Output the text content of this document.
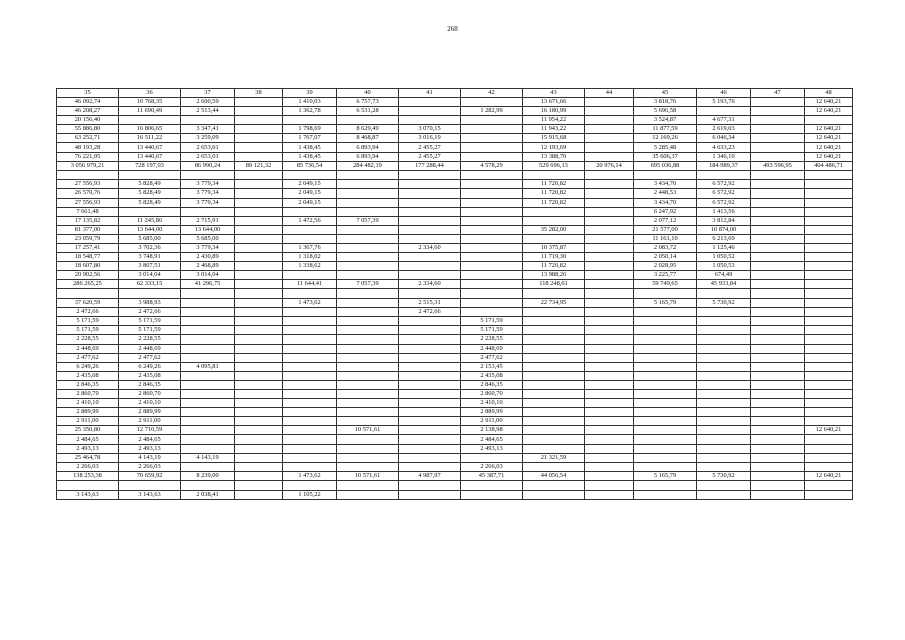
268
35	36	37	38	39	40	41	42	43	44	45	46	47	48
46 092,74	10 768,35	2 600,59		1 410,03	6 757,73			13 671,66		3 818,76	5 193,76		12 640,21
46 208,27	11 690,49	2 513,44		1 362,78	6 531,28		1 282,99	16 180,99		5 696,58			12 640,21
20 156,40								11 954,22		3 524,87	4 677,31		
55 886,80	16 806,65	3 347,41		1 798,69	8 629,49	3 070,15		11 943,22		11 877,59	2 619,03		12 640,21
63 252,71	16 511,22	3 259,09		1 767,07	8 468,87	3 016,19		15 915,68		12 169,26	6 046,34		12 640,21
48 193,28	13 440,67	2 653,01		1 438,45	6 893,94	2 455,27		12 193,69		5 285,48	4 633,23		12 640,21
76 221,95	13 440,67	2 653,01		1 438,45	6 893,94	2 455,27		13 388,70		35 606,37	1 346,10		12 640,21
3 056 979,21	728 197,03	86 990,24	89 121,32	85 736,54	284 482,19	177 288,44	4 578,29	529 696,13	20 976,14	695 036,88	184 989,37	493 596,95	404 486,71

27 556,93	5 828,49	3 779,34		2 049,15				11 720,82		3 434,70	6 572,92		
26 570,76	5 828,49	3 779,34		2 049,15				11 720,82		2 448,53	6 572,92		
27 556,93	5 828,49	3 779,34		2 049,15				11 720,82		3 434,70	6 572,92		
7 661,48										6 247,92	1 413,56		
17 135,82	11 245,86	2 715,91		1 472,56	7 057,39					2 077,12	3 812,84		
81 377,00	13 644,00	13 644,00						35 282,00		21 577,00	10 874,00		
23 059,79	5 685,00	5 685,00								11 161,10	6 213,69		
17 257,41	3 702,36	3 779,34		1 367,76		2 334,60		10 375,87		2 083,72	1 125,46		
18 548,77	3 748,91	2 430,89		1 318,02				11 719,30		2 050,14	1 050,52		
18 607,80	3 807,51	2 468,89		1 338,62				11 720,82		2 028,95	1 050,53		
20 902,56	3 014,04	3 014,04						13 988,26		3 225,77	674,49		
286 265,25	62 333,15	41 296,75		11 644,41	7 057,39	2 334,60		118 248,61		59 749,65	45 933,84		

37 620,59	3 988,93			1 473,62		2 515,31		22 734,95		5 165,79	5 730,92		
2 472,66	2 472,66					2 472,66							
5 171,59	5 171,59						5 171,59						
5 171,59	5 171,59						5 171,59						
2 228,55	2 228,55						2 228,55						
2 448,69	2 448,69						2 448,69						
2 477,62	2 477,62						2 477,62						
6 249,26	6 249,26	4 095,81					2 153,45						
2 435,08	2 435,08						2 435,08						
2 846,35	2 846,35						2 846,35						
2 860,70	2 860,70						2 860,70						
2 410,10	2 410,10						2 410,10						
2 889,99	2 889,99						2 889,99						
2 911,00	2 911,00						2 911,00						
25 350,80	12 710,59				10 571,61		2 138,98						12 640,21
2 484,65	2 484,65						2 484,65						
2 493,13	2 493,13						2 493,13						
25 464,78	4 143,19	4 143,19						21 321,59					
2 266,03	2 266,03						2 266,03						
138 253,38	70 659,92	8 239,00		1 473,62	10 571,61	4 987,97	45 387,71	44 056,54		5 165,79	5 730,92		12 640,21

3 143,63	3 143,63	2 038,41		1 105,22									
